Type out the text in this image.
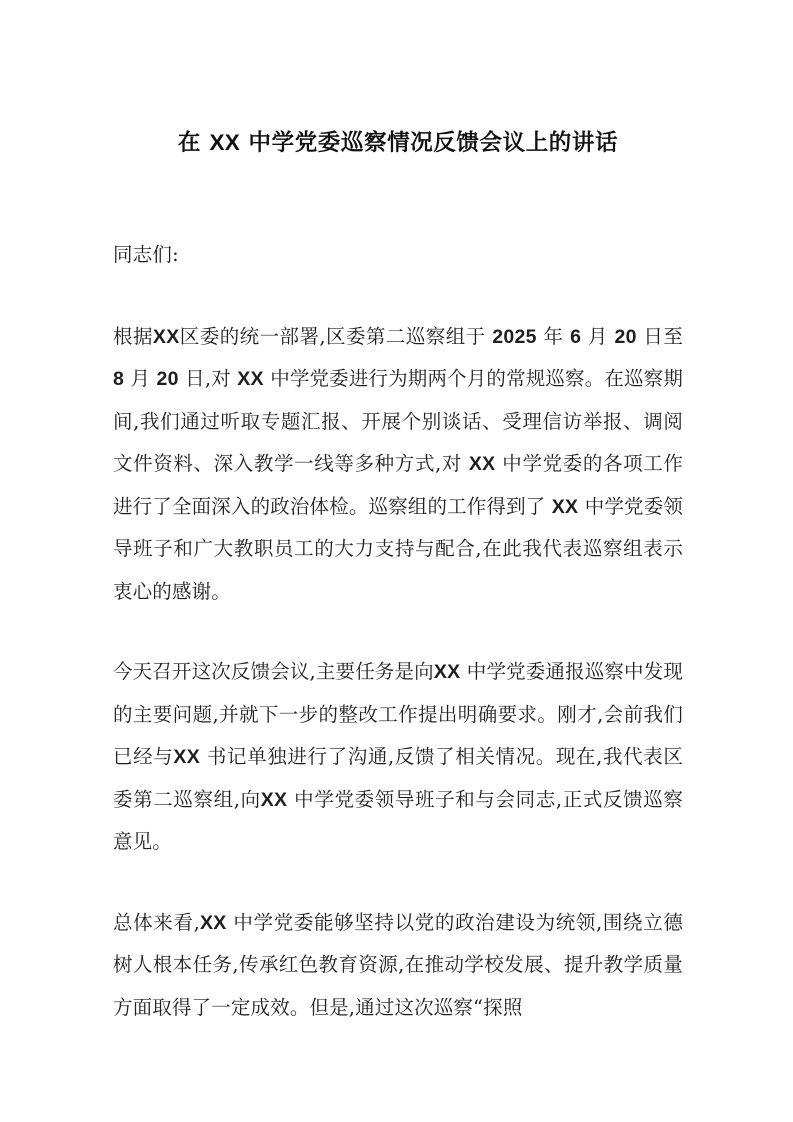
在 XX 中学党委巡察情况反馈会议上的讲话

同志们:

根据XX区委的统一部署,区委第二巡察组于 2025 年 6 月 20 日至 8 月 20 日,对 XX 中学党委进行为期两个月的常规巡察。在巡察期间,我们通过听取专题汇报、开展个别谈话、受理信访举报、调阅文件资料、深入教学一线等多种方式,对 XX 中学党委的各项工作进行了全面深入的政治体检。巡察组的工作得到了 XX 中学党委领导班子和广大教职员工的大力支持与配合,在此我代表巡察组表示衷心的感谢。

今天召开这次反馈会议,主要任务是向XX 中学党委通报巡察中发现的主要问题,并就下一步的整改工作提出明确要求。刚才,会前我们已经与XX 书记单独进行了沟通,反馈了相关情况。现在,我代表区委第二巡察组,向XX 中学党委领导班子和与会同志,正式反馈巡察意见。

总体来看,XX 中学党委能够坚持以党的政治建设为统领,围绕立德树人根本任务,传承红色教育资源,在推动学校发展、提升教学质量方面取得了一定成效。但是,通过这次巡察“探照
